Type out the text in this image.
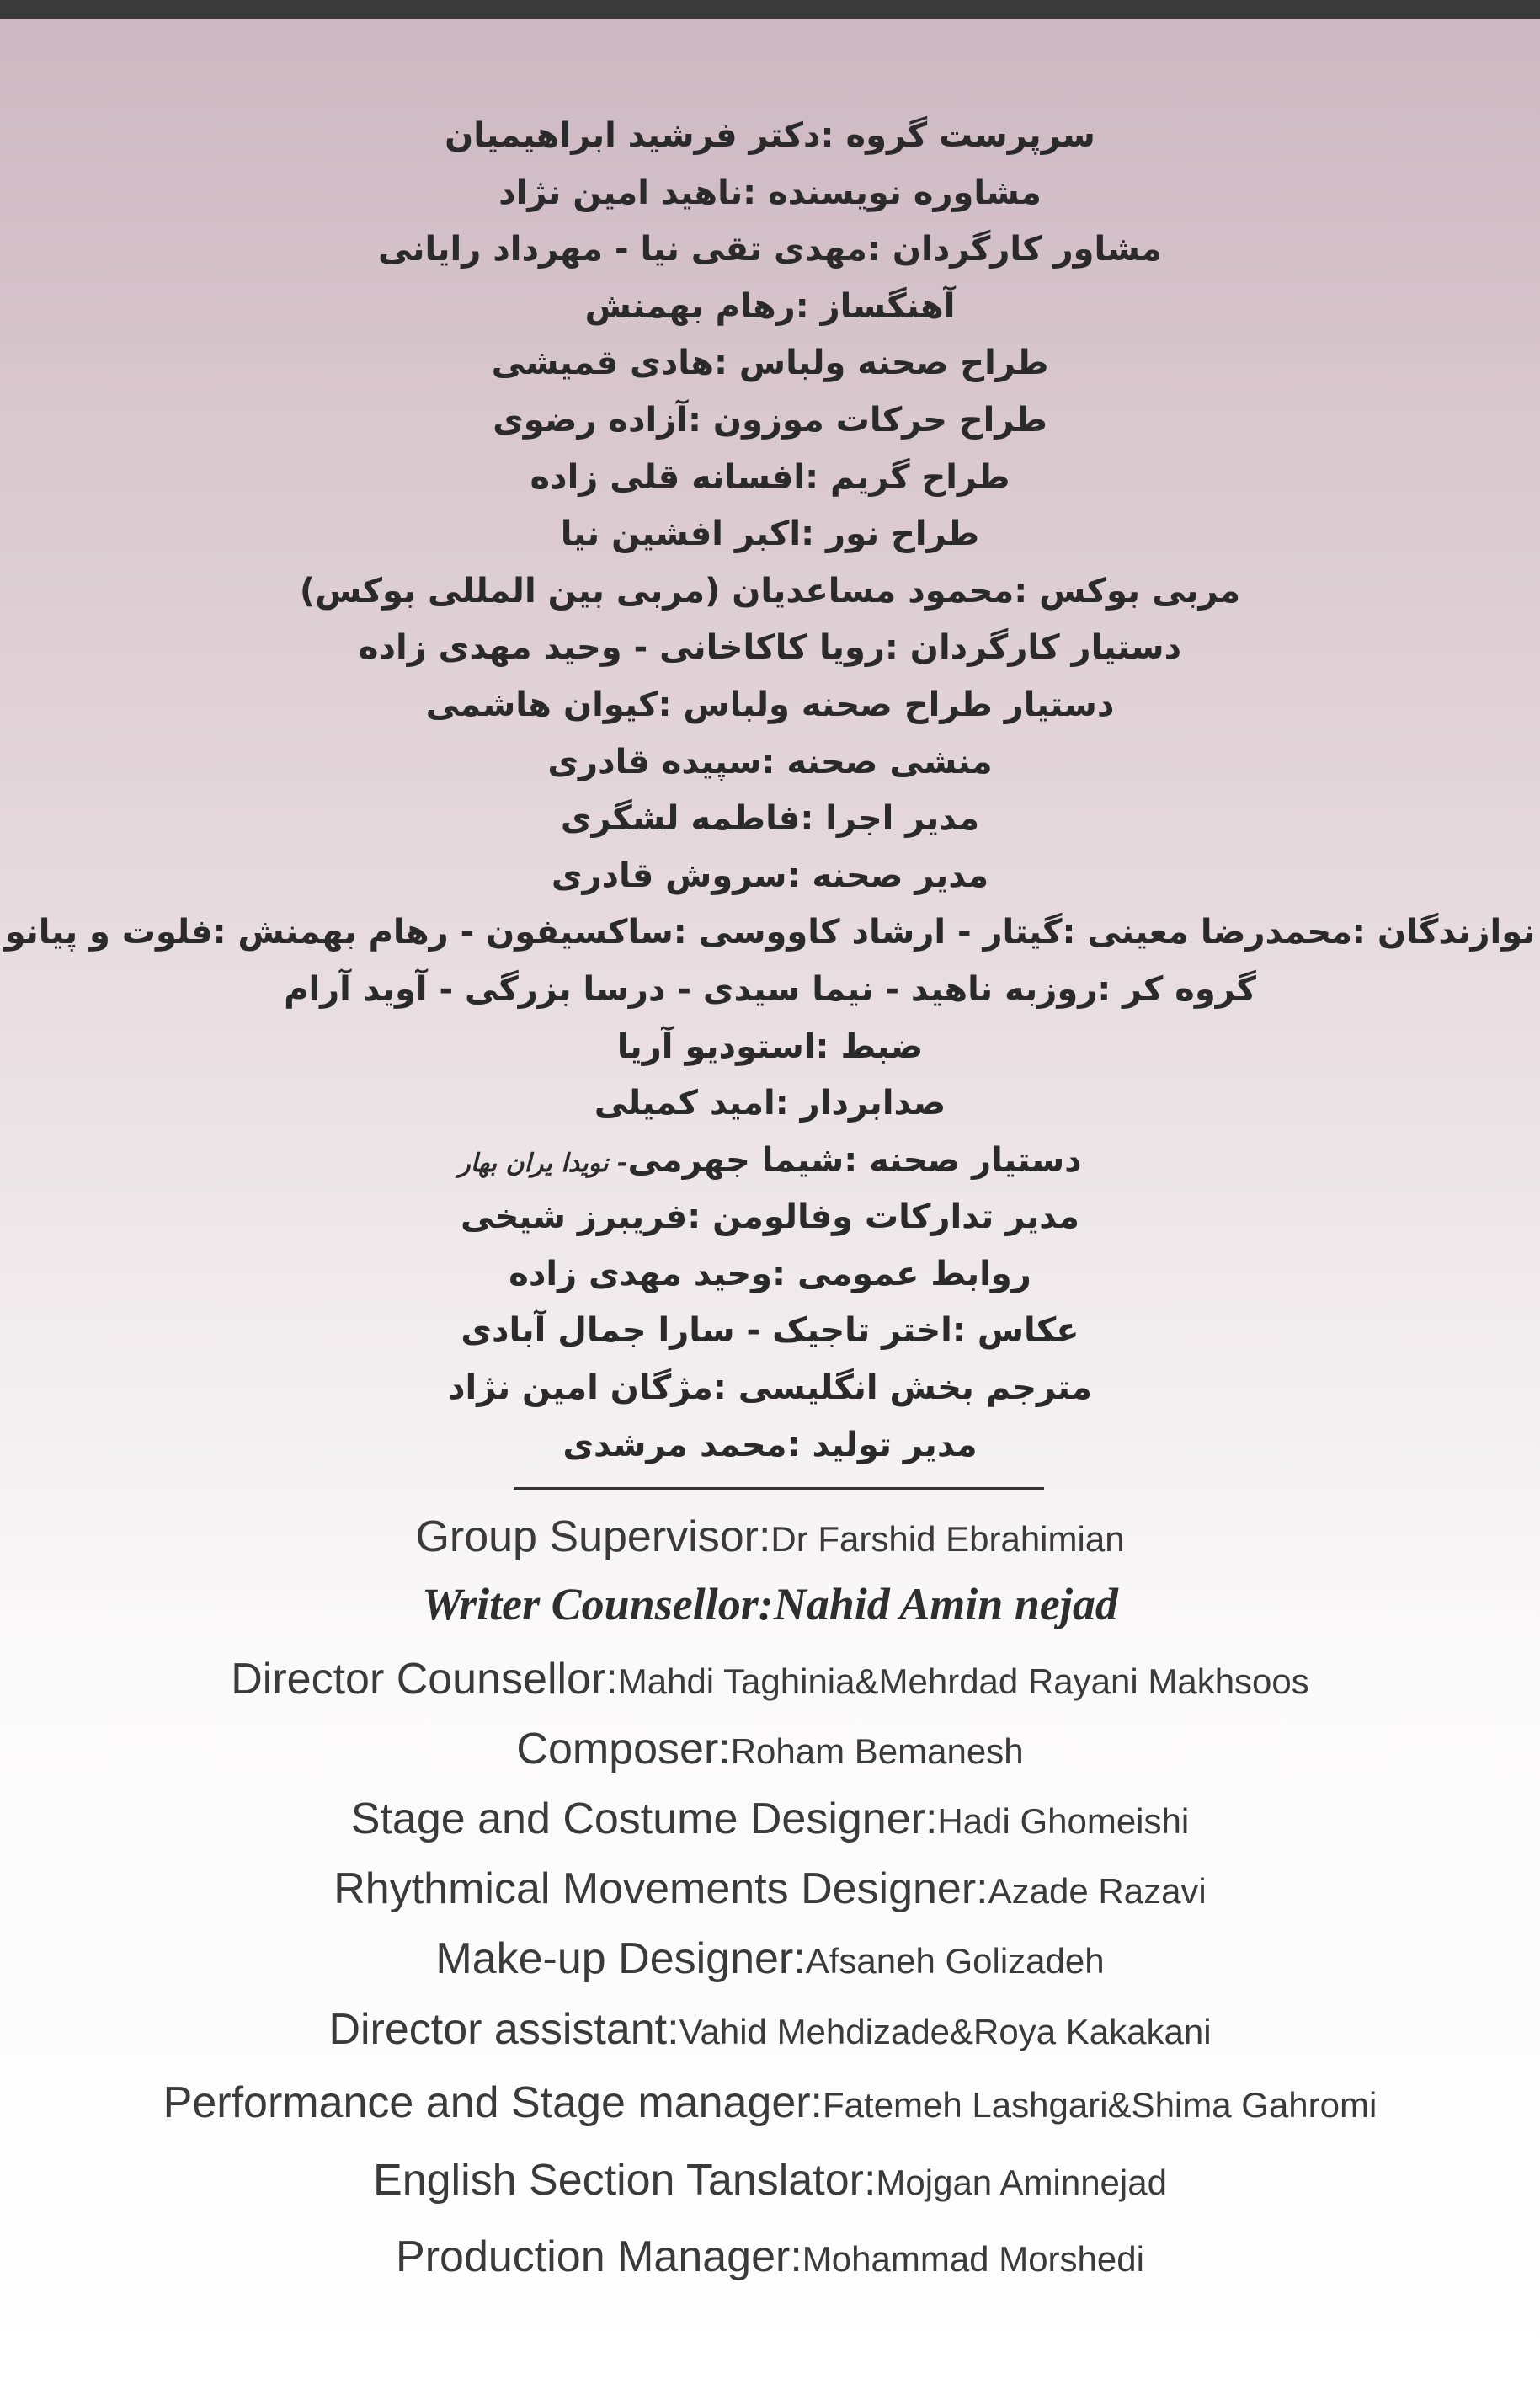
سرپرست گروه :دکتر فرشید ابراهیمیان
مشاوره نویسنده :ناهید امین نژاد
مشاور کارگردان :مهدی تقی نیا - مهرداد رایانی
آهنگساز :رهام بهمنش
طراح صحنه ولباس :هادی قمیشی
طراح حرکات موزون :آزاده رضوی
طراح گریم :افسانه قلی زاده
طراح نور :اکبر افشین نیا
مربی بوکس :محمود مساعدیان (مربی بین المللی بوکس)
دستیار کارگردان :رویا کاکاخانی - وحید مهدی زاده
دستیار طراح صحنه ولباس :کیوان هاشمی
منشی صحنه :سپیده قادری
مدیر اجرا :فاطمه لشگری
مدیر صحنه :سروش قادری
نوازندگان :محمدرضا معینی :گیتار - ارشاد کاووسی :ساکسیفون - رهام بهمنش :فلوت و پیانو
گروه کر :روزبه ناهید - نیما سیدی - درسا بزرگی - آوید آرام
ضبط :استودیو آریا
صدابردار :امید کمیلی
دستیار صحنه :شیما جهرمی- نویدا یران بهار
مدیر تدارکات وفالومن :فریبرز شیخی
روابط عمومی :وحید مهدی زاده
عکاس :اختر تاجیک - سارا جمال آبادی
مترجم بخش انگلیسی :مژگان امین نژاد
مدیر تولید :محمد مرشدی
Group Supervisor:Dr Farshid Ebrahimian
Writer Counsellor:Nahid Amin nejad
Director Counsellor:Mahdi Taghinia&Mehrdad Rayani Makhsoos
Composer:Roham Bemanesh
Stage and Costume Designer:Hadi Ghomeishi
Rhythmical Movements Designer:Azade Razavi
Make-up Designer:Afsaneh Golizadeh
Director assistant:Vahid Mehdizade&Roya Kakakani
Performance and Stage manager:Fatemeh Lashgari&Shima Gahromi
English Section Tanslator:Mojgan Aminnejad
Production Manager:Mohammad Morshedi
